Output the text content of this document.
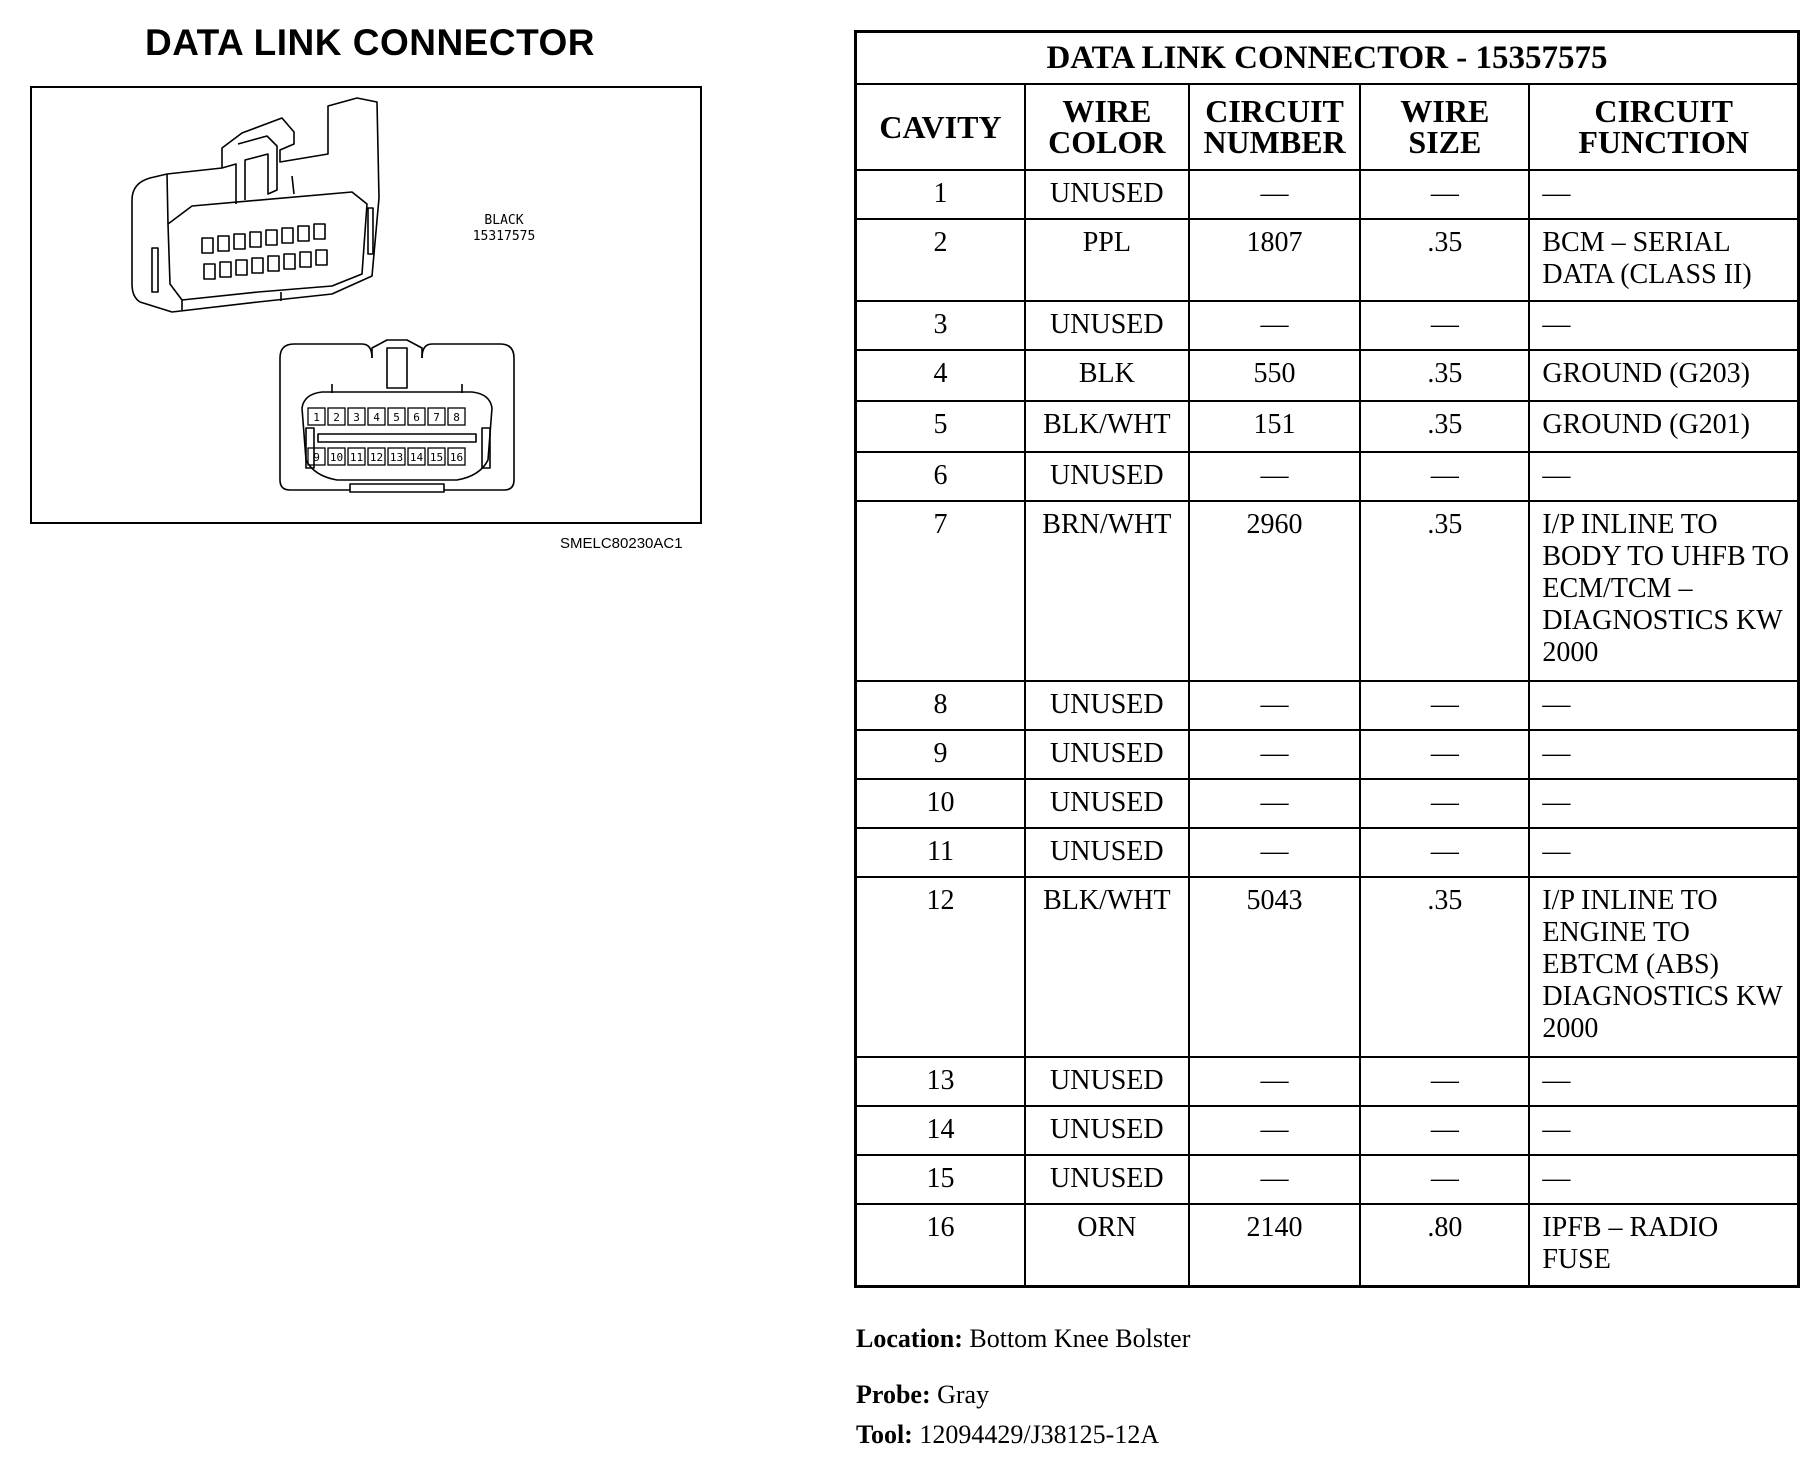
DATA LINK CONNECTOR
1 2 3 4 5 6 7 8
9 10 11 12 13 14 15 16
BLACK
15317575
SMELC80230AC1
DATA LINK CONNECTOR - 15357575				
CAVITY	WIRE COLOR	CIRCUIT NUMBER	WIRE SIZE	CIRCUIT FUNCTION
1	UNUSED	—	—	—
2	PPL	1807	.35	BCM – SERIAL DATA (CLASS II)
3	UNUSED	—	—	—
4	BLK	550	.35	GROUND (G203)
5	BLK/WHT	151	.35	GROUND (G201)
6	UNUSED	—	—	—
7	BRN/WHT	2960	.35	I/P INLINE TO BODY TO UHFB TO ECM/TCM – DIAGNOSTICS KW 2000
8	UNUSED	—	—	—
9	UNUSED	—	—	—
10	UNUSED	—	—	—
11	UNUSED	—	—	—
12	BLK/WHT	5043	.35	I/P INLINE TO ENGINE TO EBTCM (ABS) DIAGNOSTICS KW 2000
13	UNUSED	—	—	—
14	UNUSED	—	—	—
15	UNUSED	—	—	—
16	ORN	2140	.80	IPFB – RADIO FUSE
Location: Bottom Knee Bolster
Probe: Gray
Tool: 12094429/J38125-12A
